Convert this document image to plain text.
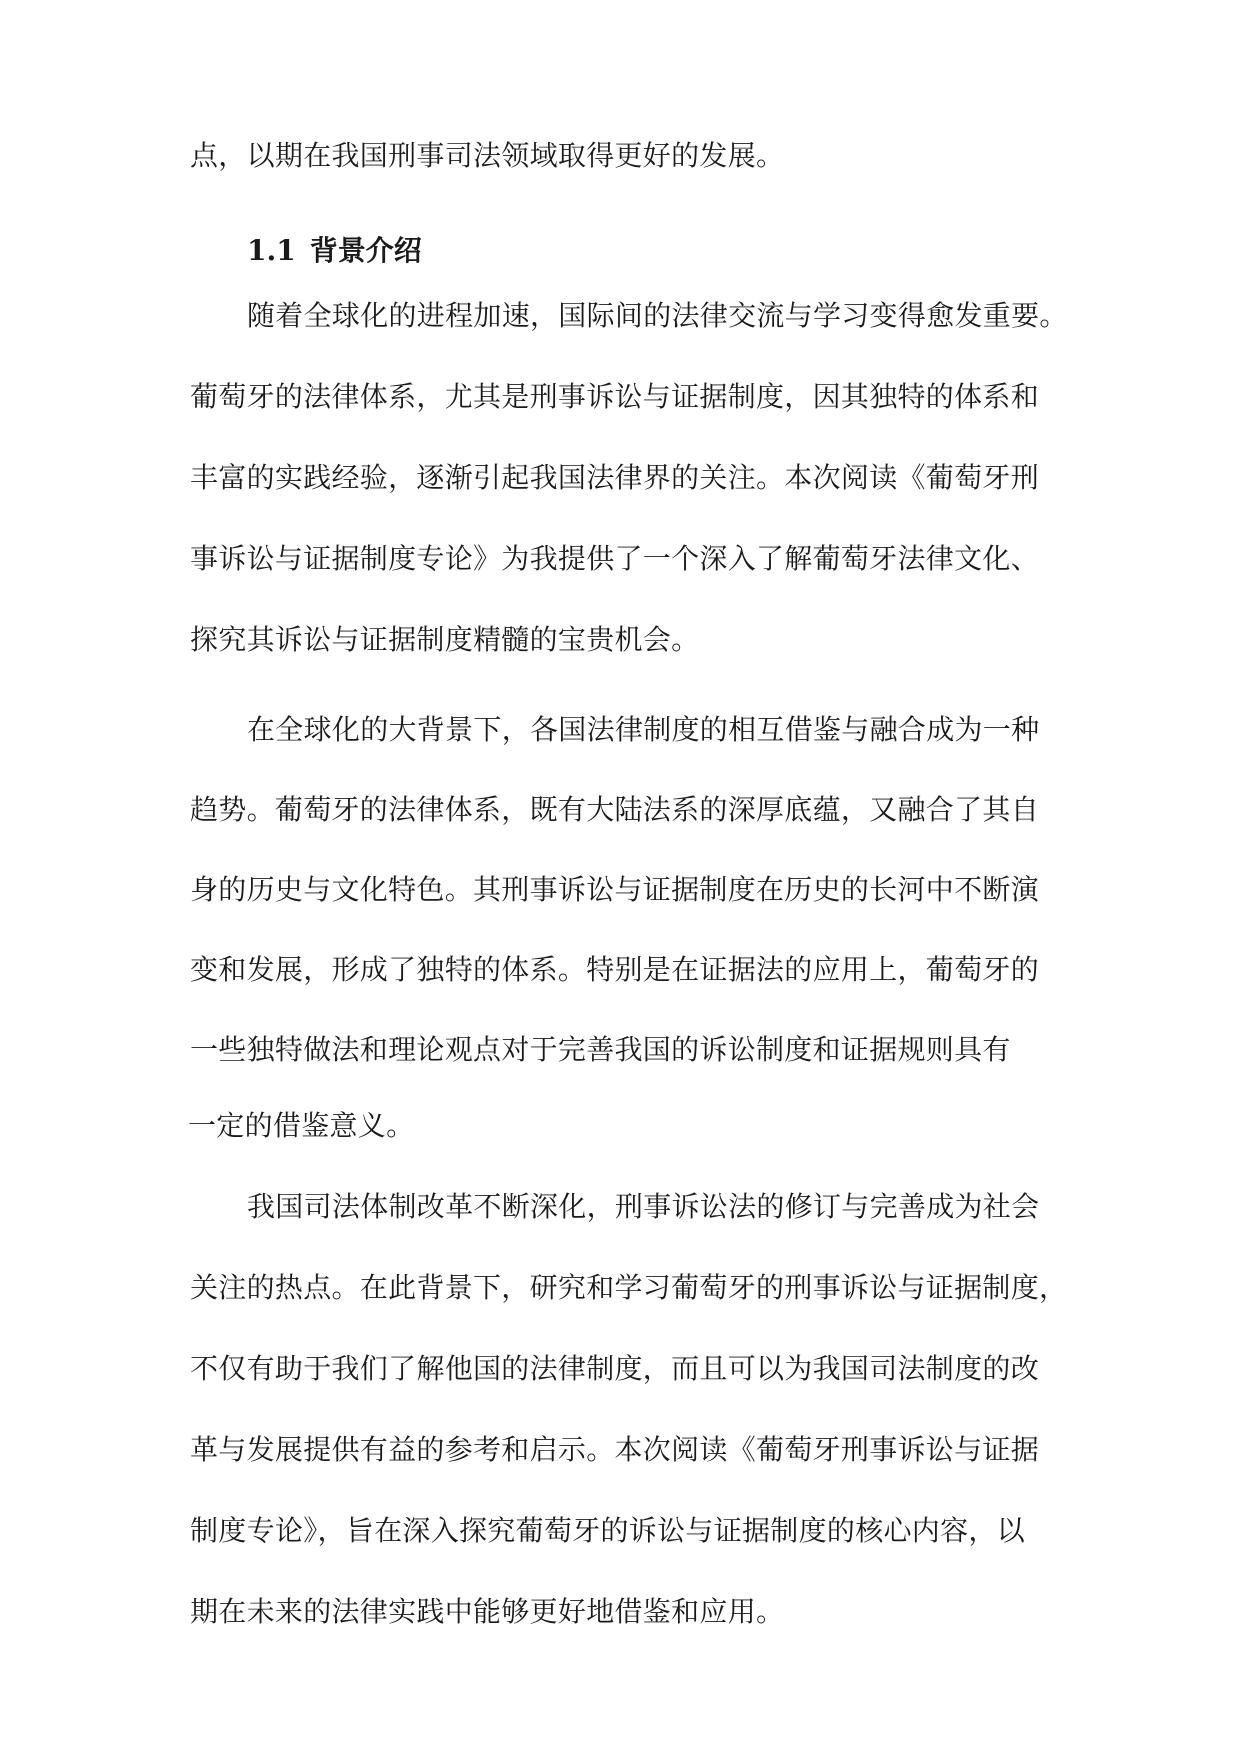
点，以期在我国刑事司法领域取得更好的发展。
1.1 背景介绍
随着全球化的进程加速，国际间的法律交流与学习变得愈发重要。
葡萄牙的法律体系，尤其是刑事诉讼与证据制度，因其独特的体系和
丰富的实践经验，逐渐引起我国法律界的关注。本次阅读《葡萄牙刑
事诉讼与证据制度专论》为我提供了一个深入了解葡萄牙法律文化、
探究其诉讼与证据制度精髓的宝贵机会。
在全球化的大背景下，各国法律制度的相互借鉴与融合成为一种
趋势。葡萄牙的法律体系，既有大陆法系的深厚底蕴，又融合了其自
身的历史与文化特色。其刑事诉讼与证据制度在历史的长河中不断演
变和发展，形成了独特的体系。特别是在证据法的应用上，葡萄牙的
一些独特做法和理论观点对于完善我国的诉讼制度和证据规则具有
一定的借鉴意义。
我国司法体制改革不断深化，刑事诉讼法的修订与完善成为社会
关注的热点。在此背景下，研究和学习葡萄牙的刑事诉讼与证据制度，
不仅有助于我们了解他国的法律制度，而且可以为我国司法制度的改
革与发展提供有益的参考和启示。本次阅读《葡萄牙刑事诉讼与证据
制度专论》，旨在深入探究葡萄牙的诉讼与证据制度的核心内容，以
期在未来的法律实践中能够更好地借鉴和应用。
